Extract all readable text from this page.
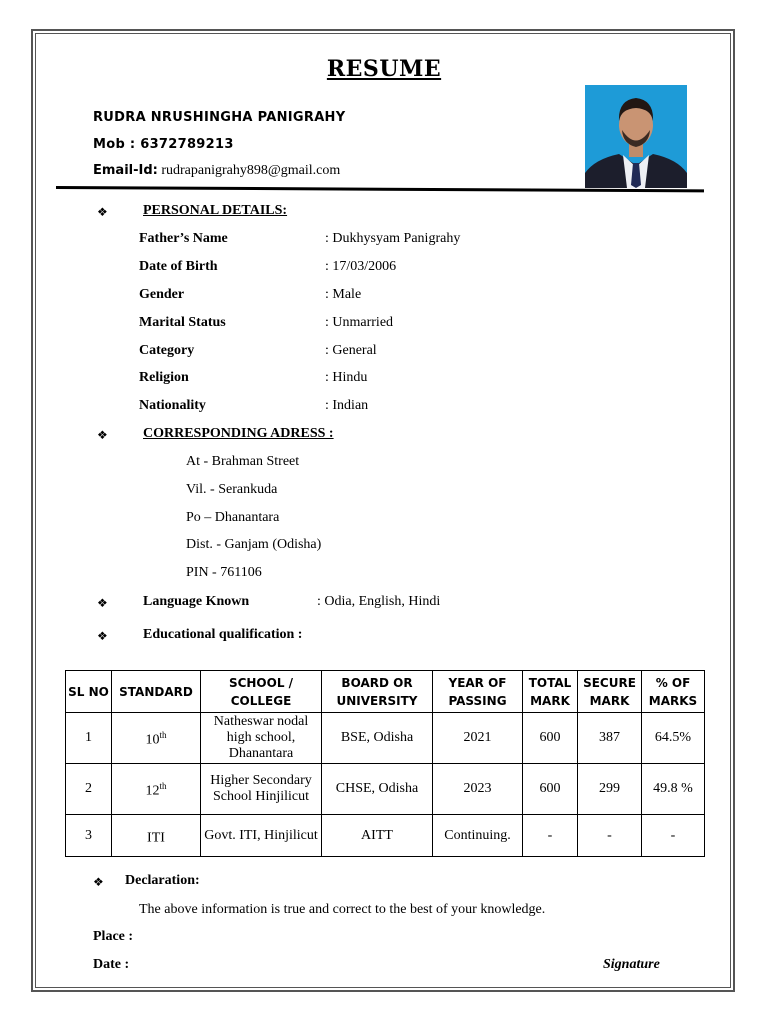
RESUME
RUDRA NRUSHINGHA PANIGRAHY
Mob : 6372789213
Email-Id: rudrapanigrahy898@gmail.com
❖	PERSONAL DETAILS:
Father’s Name	: Dukhysyam Panigrahy
Date of Birth	: 17/03/2006
Gender	: Male
Marital Status	: Unmarried
Category	: General
Religion	: Hindu
Nationality	: Indian
❖	CORRESPONDING ADRESS :
At - Brahman Street
Vil. - Serankuda
Po – Dhanantara
Dist. - Ganjam (Odisha)
PIN - 761106
❖	Language Known	: Odia, English, Hindi
❖	Educational qualification :
SL NO	STANDARD	SCHOOL / COLLEGE	BOARD OR UNIVERSITY	YEAR OF PASSING	TOTAL MARK	SECURE MARK	% OF MARKS
1	10th	Natheswar nodal high school, Dhanantara	BSE, Odisha	2021	600	387	64.5%
2	12th	Higher Secondary School Hinjilicut	CHSE, Odisha	2023	600	299	49.8 %
3	ITI	Govt. ITI, Hinjilicut	AITT	Continuing.	-	-	-
❖ Declaration:
The above information is true and correct to the best of your knowledge.
Place :
Date :	Signature
